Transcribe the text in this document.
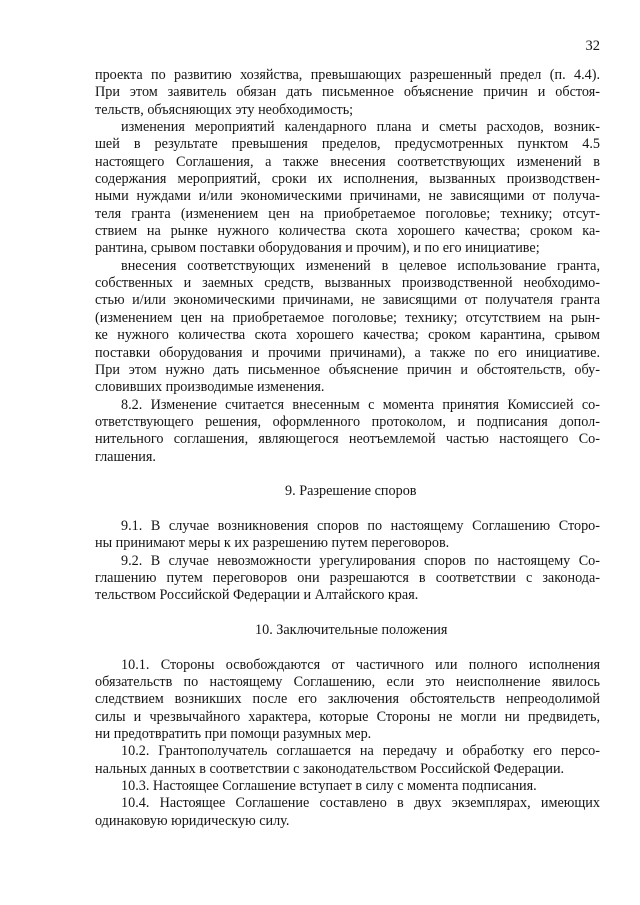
32
проекта по развитию хозяйства, превышающих разрешенный предел (п. 4.4).
При этом заявитель обязан дать письменное объяснение причин и обстоя-
тельств, объясняющих эту необходимость;
изменения мероприятий календарного плана и сметы расходов, возник-
шей в результате превышения пределов, предусмотренных пунктом 4.5
настоящего Соглашения, а также внесения соответствующих изменений в
содержания мероприятий, сроки их исполнения, вызванных производствен-
ными нуждами и/или экономическими причинами, не зависящими от получа-
теля гранта (изменением цен на приобретаемое поголовье; технику; отсут-
ствием на рынке нужного количества скота хорошего качества; сроком ка-
рантина, срывом поставки оборудования и прочим), и по его инициативе;
внесения соответствующих изменений в целевое использование гранта,
собственных и заемных средств, вызванных производственной необходимо-
стью и/или экономическими причинами, не зависящими от получателя гранта
(изменением цен на приобретаемое поголовье; технику; отсутствием на рын-
ке нужного количества скота хорошего качества; сроком карантина, срывом
поставки оборудования и прочими причинами), а также по его инициативе.
При этом нужно дать письменное объяснение причин и обстоятельств, обу-
словивших производимые изменения.
8.2. Изменение считается внесенным с момента принятия Комиссией со-
ответствующего решения, оформленного протоколом, и подписания допол-
нительного соглашения, являющегося неотъемлемой частью настоящего Со-
глашения.
9. Разрешение споров
9.1. В случае возникновения споров по настоящему Соглашению Сторо-
ны принимают меры к их разрешению путем переговоров.
9.2. В случае невозможности урегулирования споров по настоящему Со-
глашению путем переговоров они разрешаются в соответствии с законода-
тельством Российской Федерации и Алтайского края.
10. Заключительные положения
10.1. Стороны освобождаются от частичного или полного исполнения
обязательств по настоящему Соглашению, если это неисполнение явилось
следствием возникших после его заключения обстоятельств непреодолимой
силы и чрезвычайного характера, которые Стороны не могли ни предвидеть,
ни предотвратить при помощи разумных мер.
10.2. Грантополучатель соглашается на передачу и обработку его персо-
нальных данных в соответствии с законодательством Российской Федерации.
10.3. Настоящее Соглашение вступает в силу с момента подписания.
10.4. Настоящее Соглашение составлено в двух экземплярах, имеющих
одинаковую юридическую силу.
